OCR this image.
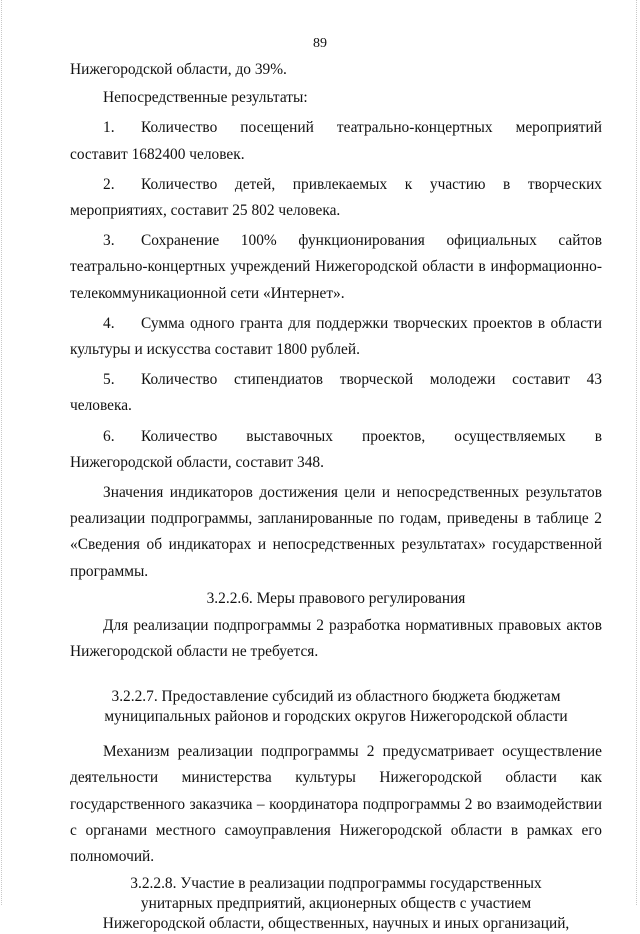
89

Нижегородской области, до 39%.

Непосредственные результаты:

1. Количество посещений театрально-концертных мероприятий составит 1682400 человек.

2. Количество детей, привлекаемых к участию в творческих мероприятиях, составит 25 802 человека.

3. Сохранение 100% функционирования официальных сайтов театрально-концертных учреждений Нижегородской области в информационно-телекоммуникационной сети «Интернет».

4. Сумма одного гранта для поддержки творческих проектов в области культуры и искусства составит 1800 рублей.

5. Количество стипендиатов творческой молодежи составит 43 человека.

6. Количество выставочных проектов, осуществляемых в Нижегородской области, составит 348.

Значения индикаторов достижения цели и непосредственных результатов реализации подпрограммы, запланированные по годам, приведены в таблице 2 «Сведения об индикаторах и непосредственных результатах» государственной программы.

3.2.2.6. Меры правового регулирования

Для реализации подпрограммы 2 разработка нормативных правовых актов Нижегородской области не требуется.

3.2.2.7. Предоставление субсидий из областного бюджета бюджетам

муниципальных районов и городских округов Нижегородской области

Механизм реализации подпрограммы 2 предусматривает осуществление деятельности министерства культуры Нижегородской области как государственного заказчика – координатора подпрограммы 2 во взаимодействии с органами местного самоуправления Нижегородской области в рамках его полномочий.

3.2.2.8. Участие в реализации подпрограммы государственных

унитарных предприятий, акционерных обществ с участием

Нижегородской области, общественных, научных и иных организаций,
